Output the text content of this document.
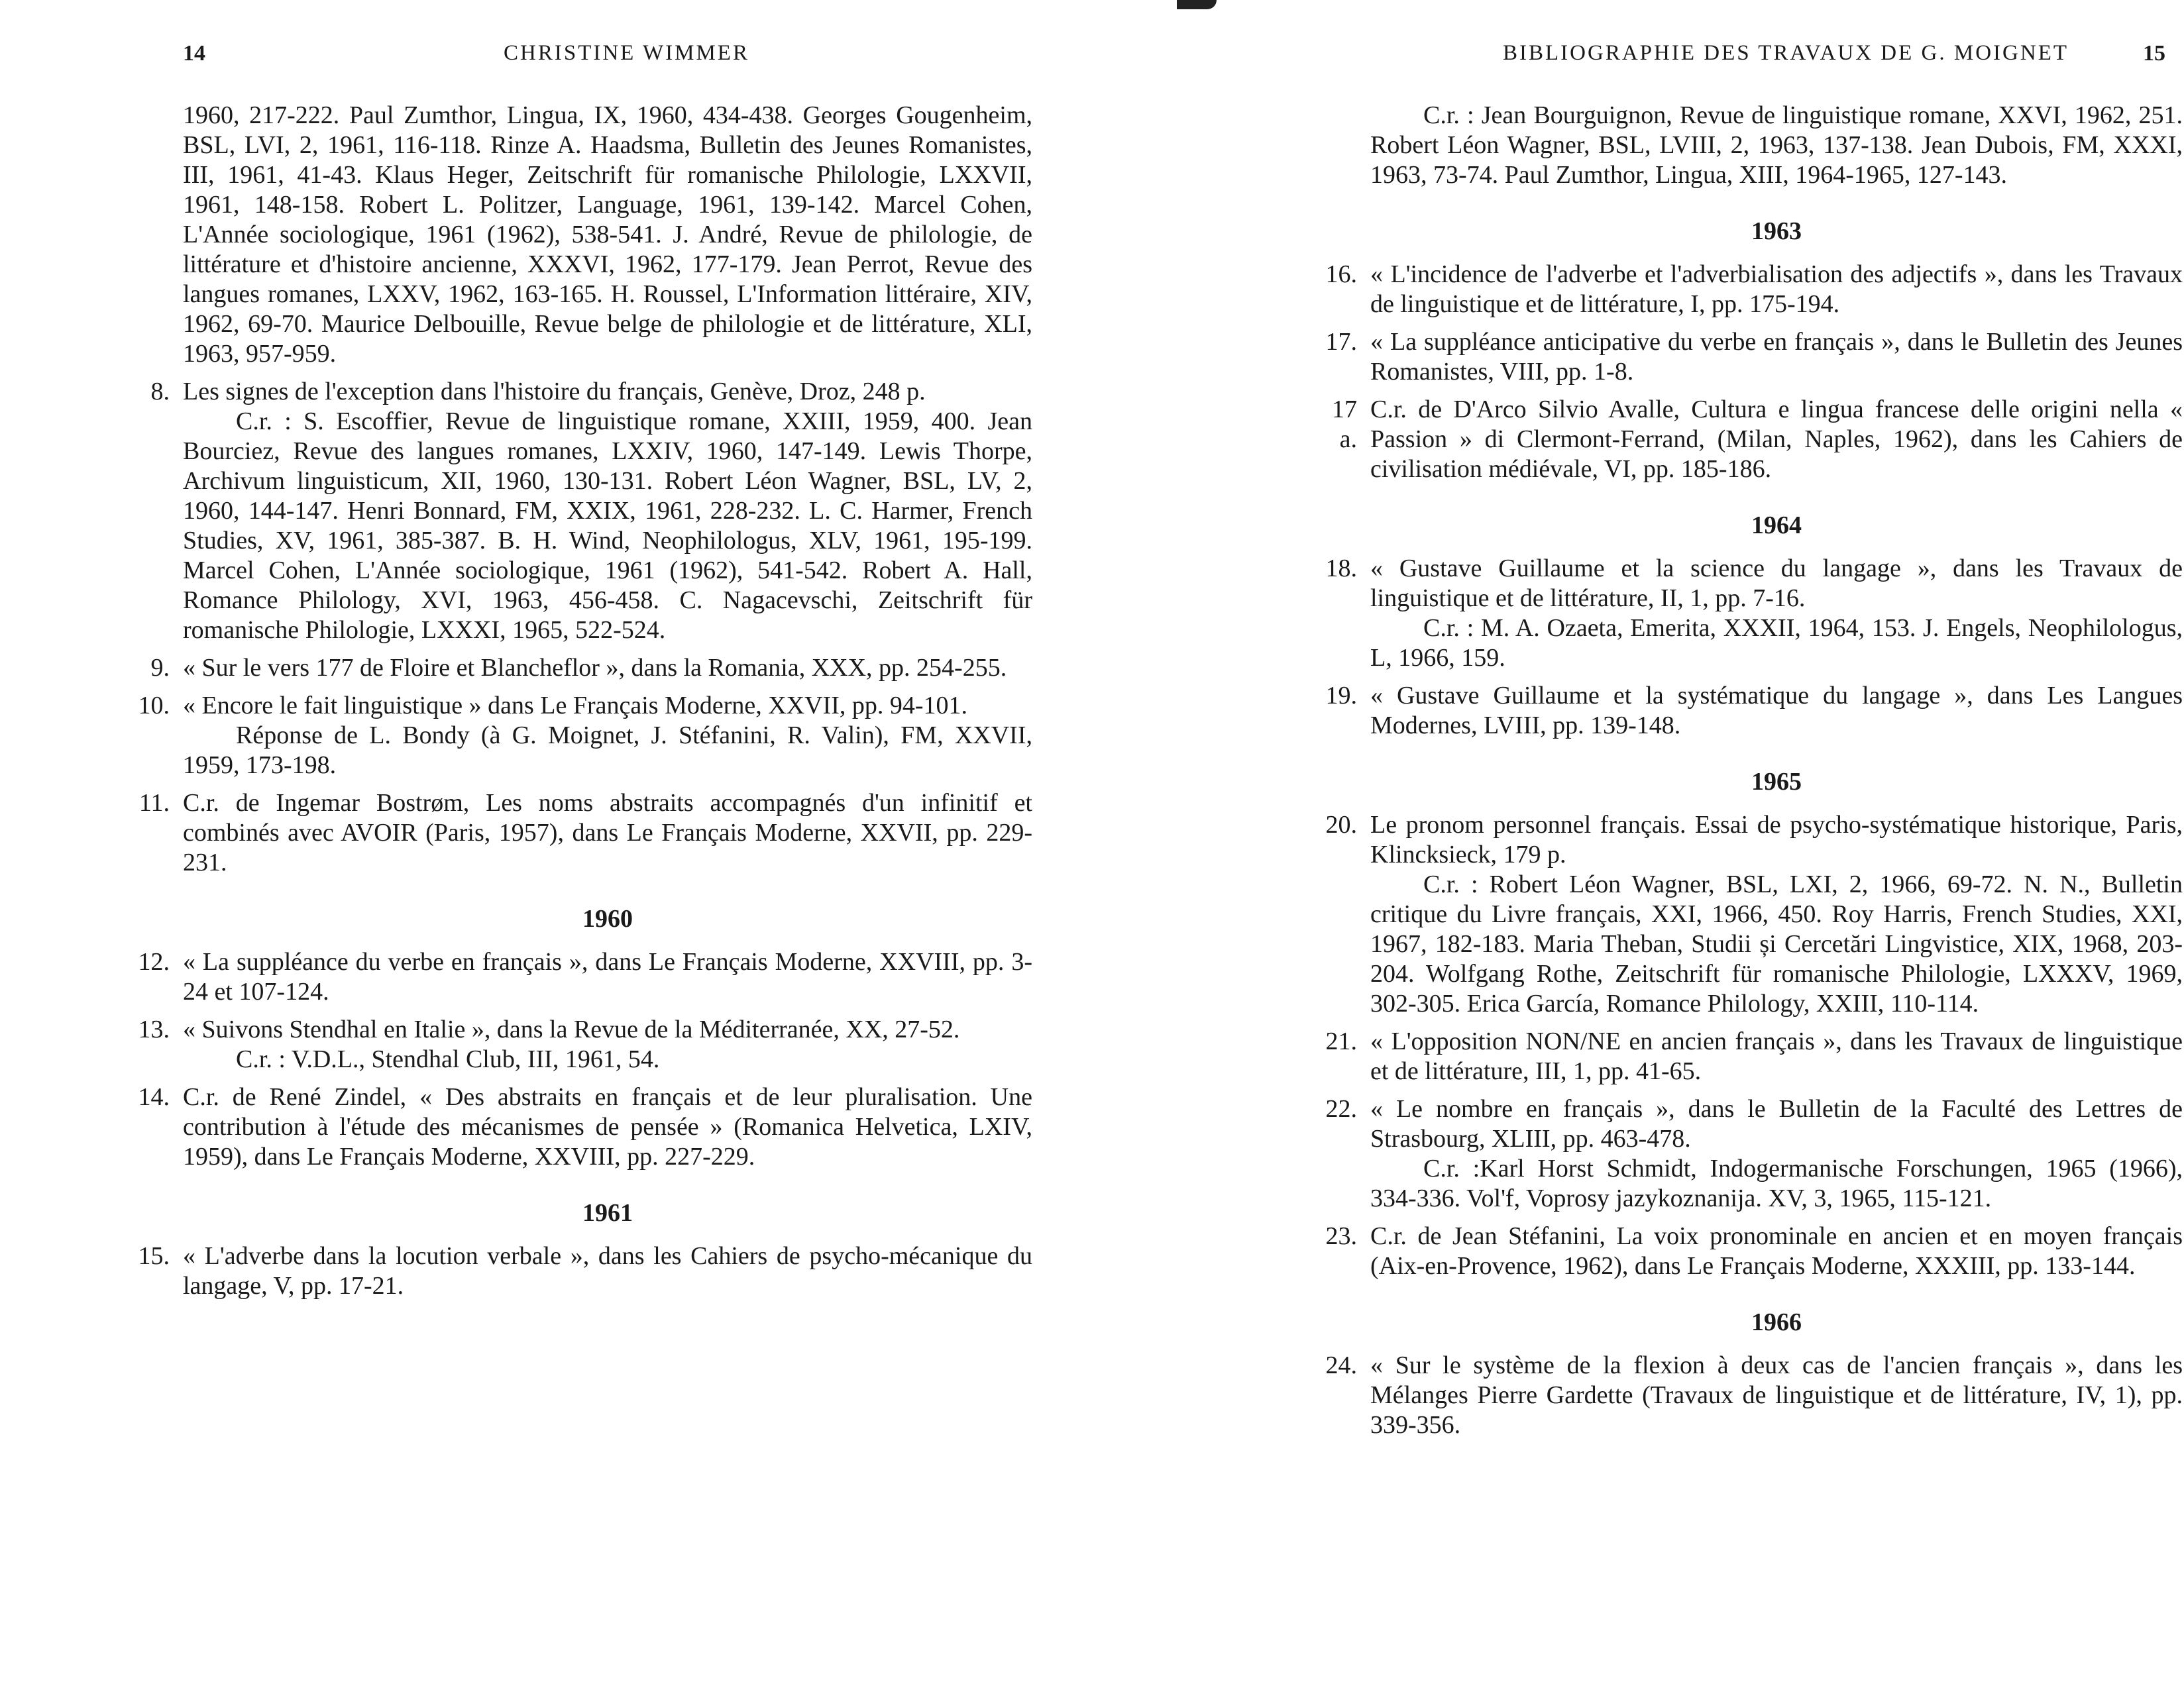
14	CHRISTINE WIMMER

1960, 217-222. Paul Zumthor, Lingua, IX, 1960, 434-438. Georges Gougenheim, BSL, LVI, 2, 1961, 116-118. Rinze A. Haadsma, Bulletin des Jeunes Romanistes, III, 1961, 41-43. Klaus Heger, Zeitschrift für romanische Philologie, LXXVII, 1961, 148-158. Robert L. Politzer, Language, 1961, 139-142. Marcel Cohen, L'Année sociologique, 1961 (1962), 538-541. J. André, Revue de philologie, de littérature et d'histoire ancienne, XXXVI, 1962, 177-179. Jean Perrot, Revue des langues romanes, LXXV, 1962, 163-165. H. Roussel, L'Information littéraire, XIV, 1962, 69-70. Maurice Delbouille, Revue belge de philologie et de littérature, XLI, 1963, 957-959.

8. Les signes de l'exception dans l'histoire du français, Genève, Droz, 248 p.

C.r. : S. Escoffier, Revue de linguistique romane, XXIII, 1959, 400. Jean Bourciez, Revue des langues romanes, LXXIV, 1960, 147-149. Lewis Thorpe, Archivum linguisticum, XII, 1960, 130-131. Robert Léon Wagner, BSL, LV, 2, 1960, 144-147. Henri Bonnard, FM, XXIX, 1961, 228-232. L. C. Harmer, French Studies, XV, 1961, 385-387. B. H. Wind, Neophilologus, XLV, 1961, 195-199. Marcel Cohen, L'Année sociologique, 1961 (1962), 541-542. Robert A. Hall, Romance Philology, XVI, 1963, 456-458. C. Nagacevschi, Zeitschrift für romanische Philologie, LXXXI, 1965, 522-524.

9. « Sur le vers 177 de Floire et Blancheflor », dans la Romania, XXX, pp. 254-255.

10. « Encore le fait linguistique » dans Le Français Moderne, XXVII, pp. 94-101.

Réponse de L. Bondy (à G. Moignet, J. Stéfanini, R. Valin), FM, XXVII, 1959, 173-198.

11. C.r. de Ingemar Bostrøm, Les noms abstraits accompagnés d'un infinitif et combinés avec AVOIR (Paris, 1957), dans Le Français Moderne, XXVII, pp. 229-231.

1960
12. « La suppléance du verbe en français », dans Le Français Moderne, XXVIII, pp. 3-24 et 107-124.

13. « Suivons Stendhal en Italie », dans la Revue de la Méditerranée, XX, 27-52.

C.r. : V.D.L., Stendhal Club, III, 1961, 54.

14. C.r. de René Zindel, « Des abstraits en français et de leur pluralisation. Une contribution à l'étude des mécanismes de pensée » (Romanica Helvetica, LXIV, 1959), dans Le Français Moderne, XXVIII, pp. 227-229.

1961
15. « L'adverbe dans la locution verbale », dans les Cahiers de psycho-mécanique du langage, V, pp. 17-21.

BIBLIOGRAPHIE DES TRAVAUX DE G. MOIGNET	15

C.r. : Jean Bourguignon, Revue de linguistique romane, XXVI, 1962, 251. Robert Léon Wagner, BSL, LVIII, 2, 1963, 137-138. Jean Dubois, FM, XXXI, 1963, 73-74. Paul Zumthor, Lingua, XIII, 1964-1965, 127-143.

1963
16. « L'incidence de l'adverbe et l'adverbialisation des adjectifs », dans les Travaux de linguistique et de littérature, I, pp. 175-194.

17. « La suppléance anticipative du verbe en français », dans le Bulletin des Jeunes Romanistes, VIII, pp. 1-8.

17 a.

C.r. de D'Arco Silvio Avalle, Cultura e lingua francese delle origini nella « Passion » di Clermont-Ferrand, (Milan, Naples, 1962), dans les Cahiers de civilisation médiévale, VI, pp. 185-186.

1964
18. « Gustave Guillaume et la science du langage », dans les Travaux de linguistique et de littérature, II, 1, pp. 7-16.

C.r. : M. A. Ozaeta, Emerita, XXXII, 1964, 153. J. Engels, Neophilologus, L, 1966, 159.

19. « Gustave Guillaume et la systématique du langage », dans Les Langues Modernes, LVIII, pp. 139-148.

1965
20. Le pronom personnel français. Essai de psycho-systématique historique, Paris, Klincksieck, 179 p.

C.r. : Robert Léon Wagner, BSL, LXI, 2, 1966, 69-72. N. N., Bulletin critique du Livre français, XXI, 1966, 450. Roy Harris, French Studies, XXI, 1967, 182-183. Maria Theban, Studii și Cercetări Lingvistice, XIX, 1968, 203-204. Wolfgang Rothe, Zeitschrift für romanische Philologie, LXXXV, 1969, 302-305. Erica García, Romance Philology, XXIII, 110-114.

21. « L'opposition NON/NE en ancien français », dans les Travaux de linguistique et de littérature, III, 1, pp. 41-65.

22. « Le nombre en français », dans le Bulletin de la Faculté des Lettres de Strasbourg, XLIII, pp. 463-478.

C.r. :Karl Horst Schmidt, Indogermanische Forschungen, 1965 (1966), 334-336. Vol'f, Voprosy jazykoznanija. XV, 3, 1965, 115-121.

23. C.r. de Jean Stéfanini, La voix pronominale en ancien et en moyen français (Aix-en-Provence, 1962), dans Le Français Moderne, XXXIII, pp. 133-144.

1966
24. « Sur le système de la flexion à deux cas de l'ancien français », dans les Mélanges Pierre Gardette (Travaux de linguistique et de littérature, IV, 1), pp. 339-356.
